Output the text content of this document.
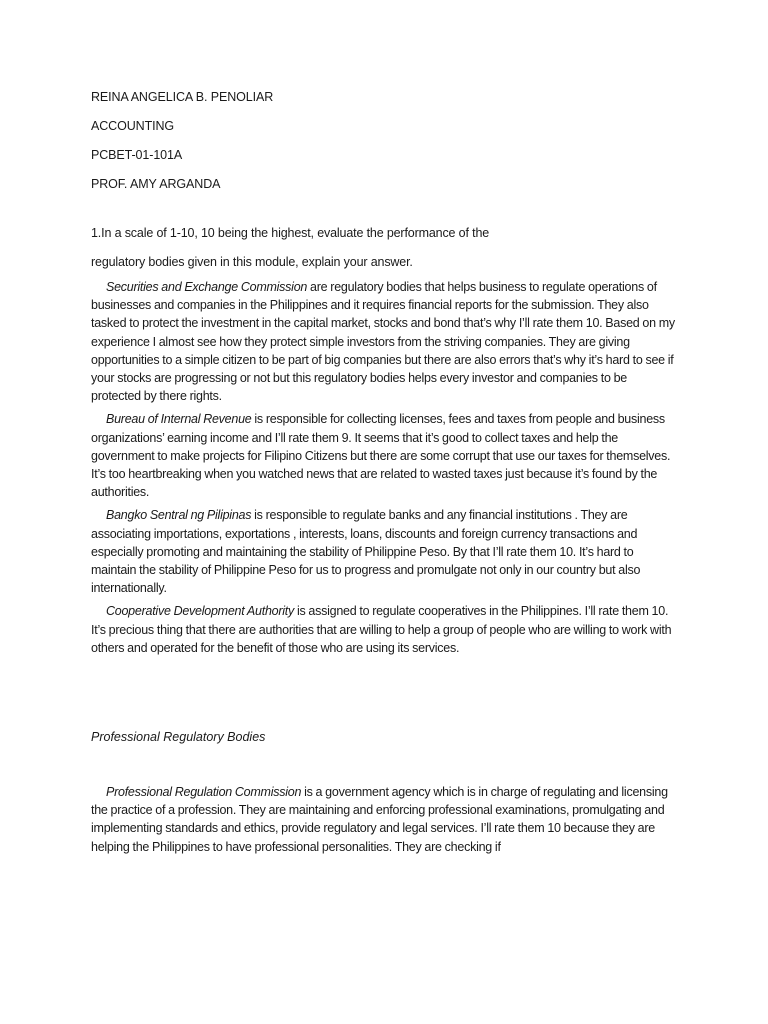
REINA ANGELICA B. PENOLIAR
ACCOUNTING
PCBET-01-101A
PROF. AMY ARGANDA

1.In a scale of 1-10, 10 being the highest, evaluate the performance of the

regulatory bodies given in this module, explain your answer.

Securities and Exchange Commission are regulatory bodies that helps business to regulate operations of businesses and companies in the Philippines and it requires financial reports for the submission. They also tasked to protect the investment in the capital market, stocks and bond that’s why I’ll rate them 10. Based on my experience I almost see how they protect simple investors from the striving companies. They are giving opportunities to a simple citizen to be part of big companies but there are also errors that’s why it’s hard to see if your stocks are progressing or not but this regulatory bodies helps every investor and companies to be protected by there rights.

Bureau of Internal Revenue is responsible for collecting licenses, fees and taxes from people and business organizations’ earning income and I’ll rate them 9. It seems that it’s good to collect taxes and help the government to make projects for Filipino Citizens but there are some corrupt that use our taxes for themselves. It’s too heartbreaking when you watched news that are related to wasted taxes just because it’s found by the authorities.

Bangko Sentral ng Pilipinas is responsible to regulate banks and any financial institutions . They are associating importations, exportations , interests, loans, discounts and foreign currency transactions and especially promoting and maintaining the stability of Philippine Peso. By that I’ll rate them 10. It’s hard to maintain the stability of Philippine Peso for us to progress and promulgate not only in our country but also internationally.

Cooperative Development Authority is assigned to regulate cooperatives in the Philippines. I’ll rate them 10. It’s precious thing that there are authorities that are willing to help a group of people who are willing to work with others and operated for the benefit of those who are using its services.

Professional Regulatory Bodies

Professional Regulation Commission is a government agency which is in charge of regulating and licensing the practice of a profession. They are maintaining and enforcing professional examinations, promulgating and implementing standards and ethics, provide regulatory and legal services. I’ll rate them 10 because they are helping the Philippines to have professional personalities. They are checking if
